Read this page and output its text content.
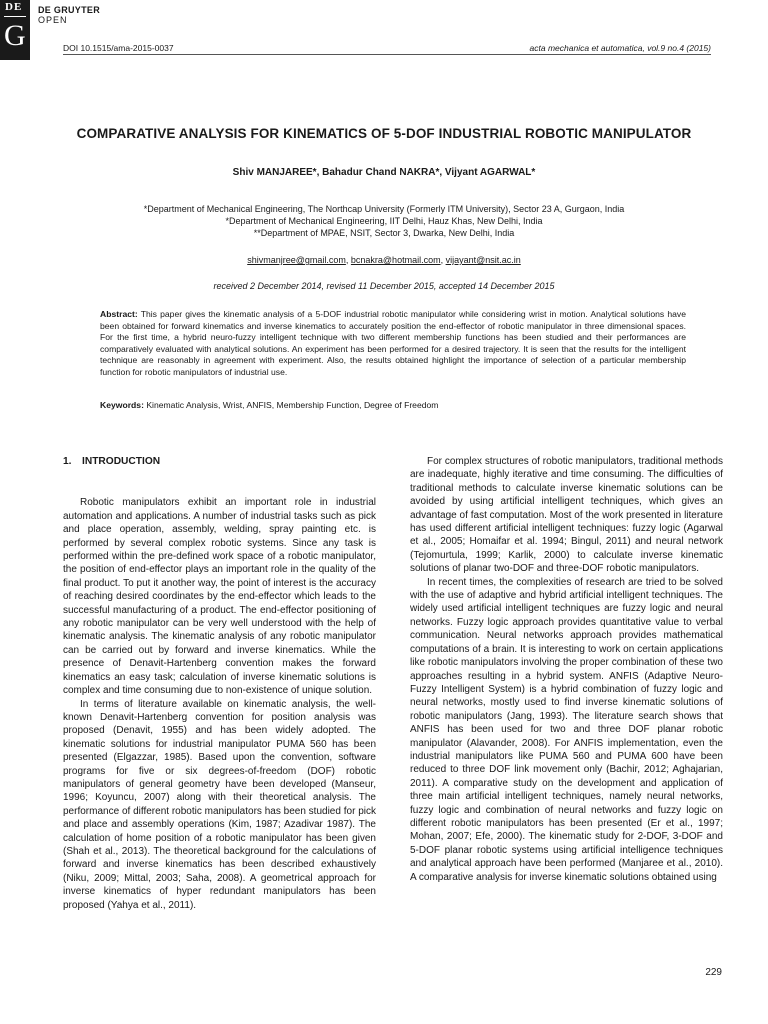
DE
G
DE GRUYTER
OPEN
DOI 10.1515/ama-2015-0037	acta mechanica et automatica, vol.9 no.4 (2015)
COMPARATIVE ANALYSIS FOR KINEMATICS OF 5-DOF INDUSTRIAL ROBOTIC MANIPULATOR
Shiv MANJAREE*, Bahadur Chand NAKRA*, Vijyant AGARWAL*

*Department of Mechanical Engineering, The Northcap University (Formerly ITM University), Sector 23 A, Gurgaon, India

*Department of Mechanical Engineering, IIT Delhi, Hauz Khas, New Delhi, India

**Department of MPAE, NSIT, Sector 3, Dwarka, New Delhi, India

shivmanjree@gmail.com, bcnakra@hotmail.com, vijayant@nsit.ac.in
received 2 December 2014, revised 11 December 2015, accepted 14 December 2015

Abstract: This paper gives the kinematic analysis of a 5-DOF industrial robotic manipulator while considering wrist in motion. Analytical solutions have been obtained for forward kinematics and inverse kinematics to accurately position the end-effector of robotic manipulator in three dimensional spaces. For the first time, a hybrid neuro-fuzzy intelligent technique with two different membership functions has been studied and their performances are comparatively evaluated with analytical solutions. An experiment has been performed for a desired trajectory. It is seen that the results for the intelligent technique are reasonably in agreement with experiment. Also, the results obtained highlight the importance of selection of a particular membership function for robotic manipulators of industrial use.

Keywords: Kinematic Analysis, Wrist, ANFIS, Membership Function, Degree of Freedom

1. INTRODUCTION

Robotic manipulators exhibit an important role in industrial automation and applications. A number of industrial tasks such as pick and place operation, assembly, welding, spray painting etc. is performed by several complex robotic systems. Since any task is performed within the pre-defined work space of a robotic manipulator, the position of end-effector plays an important role in the quality of the final product. To put it another way, the point of interest is the accuracy of reaching desired coordinates by the end-effector which leads to the successful manufacturing of a product. The end-effector positioning of any robotic manipulator can be very well understood with the help of kinematic analysis. The kinematic analysis of any robotic manipulator can be carried out by forward and inverse kinematics. While the presence of Denavit-Hartenberg convention makes the forward kinematics an easy task; calculation of inverse kinematic solutions is complex and time consuming due to non-existence of unique solution.

In terms of literature available on kinematic analysis, the well-known Denavit-Hartenberg convention for position analysis was proposed (Denavit, 1955) and has been widely adopted. The kinematic solutions for industrial manipulator PUMA 560 has been presented (Elgazzar, 1985). Based upon the convention, software programs for five or six degrees-of-freedom (DOF) robotic manipulators of general geometry have been developed (Manseur, 1996; Koyuncu, 2007) along with their theoretical analysis. The performance of different robotic manipulators has been studied for pick and place and assembly operations (Kim, 1987; Azadivar 1987). The calculation of home position of a robotic manipulator has been given (Shah et al., 2013). The theoretical background for the calculations of forward and inverse kinematics has been described exhaustively (Niku, 2009; Mittal, 2003; Saha, 2008). A geometrical approach for inverse kinematics of hyper redundant manipulators has been proposed (Yahya et al., 2011).

For complex structures of robotic manipulators, traditional methods are inadequate, highly iterative and time consuming. The difficulties of traditional methods to calculate inverse kinematic solutions can be avoided by using artificial intelligent techniques, which gives an advantage of fast computation. Most of the work presented in literature has used different artificial intelligent techniques: fuzzy logic (Agarwal et al., 2005; Homaifar et al. 1994; Bingul, 2011) and neural network (Tejomurtula, 1999; Karlik, 2000) to calculate inverse kinematic solutions of planar two-DOF and three-DOF robotic manipulators.

In recent times, the complexities of research are tried to be solved with the use of adaptive and hybrid artificial intelligent techniques. The widely used artificial intelligent techniques are fuzzy logic and neural networks. Fuzzy logic approach provides quantitative value to verbal communication. Neural networks approach provides mathematical computations of a brain. It is interesting to work on certain applications like robotic manipulators involving the proper combination of these two approaches resulting in a hybrid system. ANFIS (Adaptive Neuro-Fuzzy Intelligent System) is a hybrid combination of fuzzy logic and neural networks, mostly used to find inverse kinematic solutions of robotic manipulators (Jang, 1993). The literature search shows that ANFIS has been used for two and three DOF planar robotic manipulator (Alavander, 2008). For ANFIS implementation, even the industrial manipulators like PUMA 560 and PUMA 600 have been reduced to three DOF link movement only (Bachir, 2012; Aghajarian, 2011). A comparative study on the development and application of three main artificial intelligent techniques, namely neural networks, fuzzy logic and combination of neural networks and fuzzy logic on different robotic manipulators has been presented (Er et al., 1997; Mohan, 2007; Efe, 2000). The kinematic study for 2-DOF, 3-DOF and 5-DOF planar robotic systems using artificial intelligence techniques and analytical approach have been performed (Manjaree et al., 2010). A comparative analysis for inverse kinematic solutions obtained using

229
